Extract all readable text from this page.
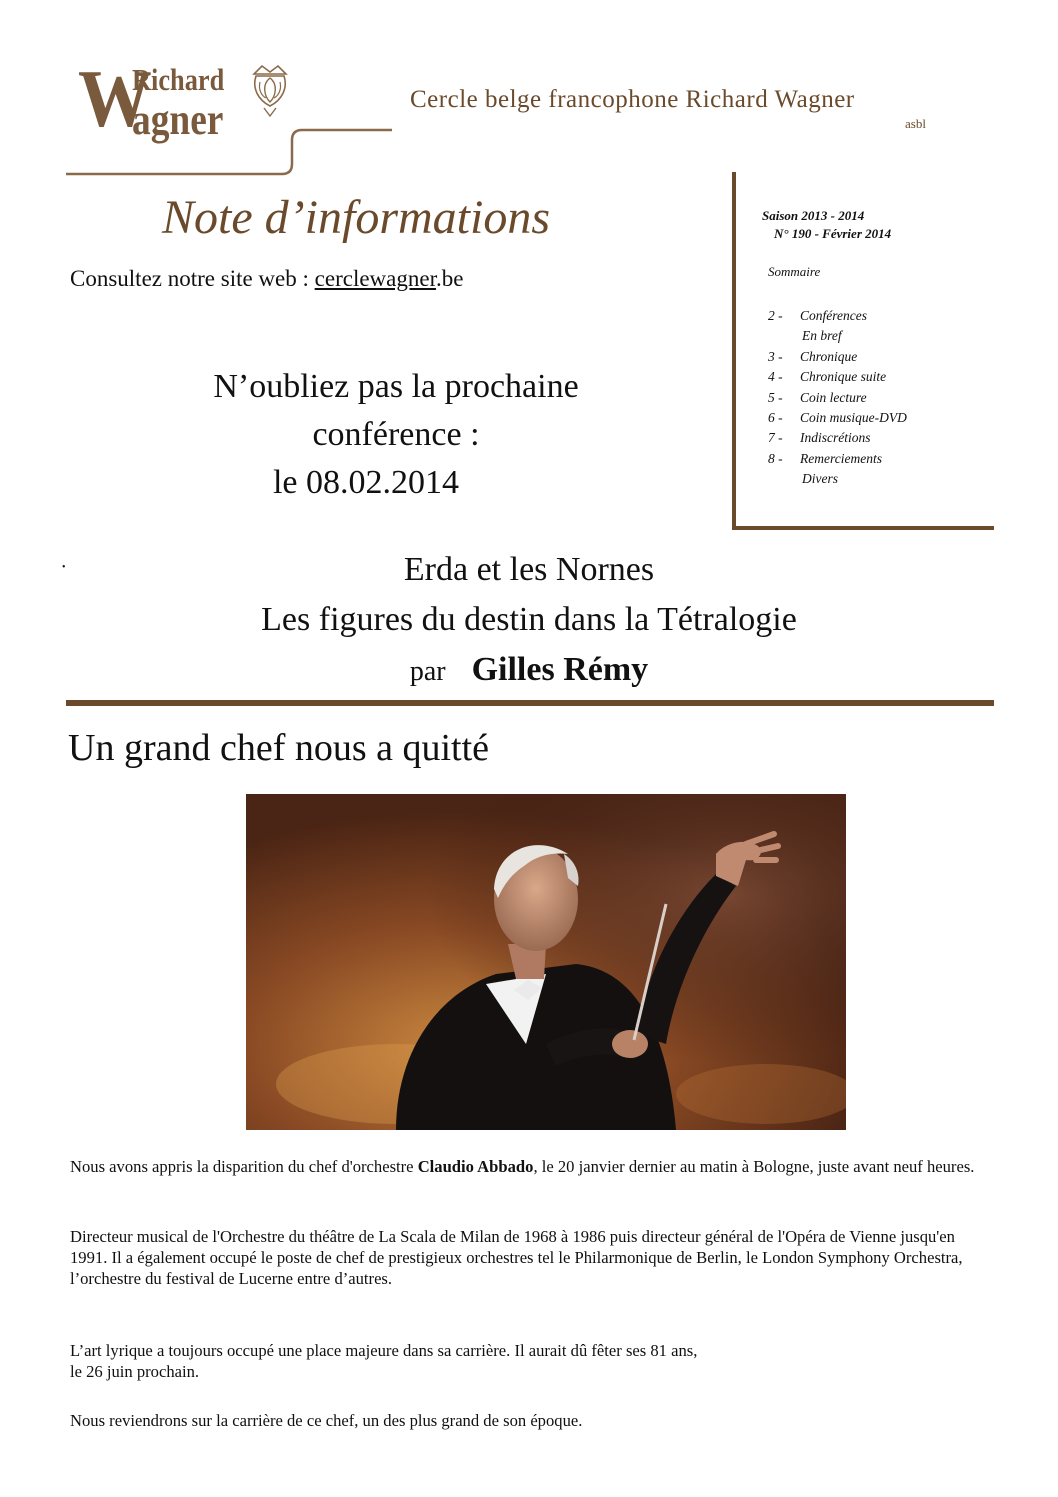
W
Richard
agner	Cercle belge francophone Richard Wagner
asbl
Note d’informations
Consultez notre site web : cerclewagner.be
N’oubliez pas la prochaine
conférence :
le 08.02.2014
Saison 2013 - 2014
N° 190 - Février 2014
Sommaire
2 - Conférences
En bref
3 - Chronique
4 - Chronique suite
5 - Coin lecture
6 - Coin musique-DVD
7 - Indiscrétions
8 - Remerciements
Divers
•	Erda et les Nornes
Les figures du destin dans la Tétralogie
par Gilles Rémy
Un grand chef nous a quitté
Nous avons appris la disparition du chef d'orchestre Claudio Abbado, le 20 janvier dernier au matin à Bologne, juste avant neuf heures.
Directeur musical de l'Orchestre du théâtre de La Scala de Milan de 1968 à 1986 puis directeur général de l'Opéra de Vienne jusqu'en 1991. Il a également occupé le poste de chef de prestigieux orchestres tel le Philarmonique de Berlin, le London Symphony Orchestra, l’orchestre du festival de Lucerne entre d’autres.
L’art lyrique a toujours occupé une place majeure dans sa carrière. Il aurait dû fêter ses 81 ans,
le 26 juin prochain.
Nous reviendrons sur la carrière de ce chef, un des plus grand de son époque.
